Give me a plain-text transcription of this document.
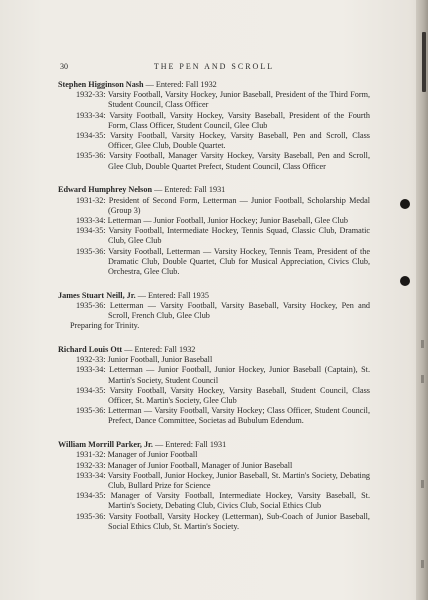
30	THE PEN AND SCROLL
Stephen Higginson Nash — Entered: Fall 1932
1932-33: Varsity Football, Varsity Hockey, Junior Baseball, President of the Third Form, Student Council, Class Officer
1933-34: Varsity Football, Varsity Hockey, Varsity Baseball, President of the Fourth Form, Class Officer, Student Council, Glee Club
1934-35: Varsity Football, Varsity Hockey, Varsity Baseball, Pen and Scroll, Class Officer, Glee Club, Double Quartet.
1935-36: Varsity Football, Manager Varsity Hockey, Varsity Baseball, Pen and Scroll, Glee Club, Double Quartet Prefect, Student Council, Class Officer
Edward Humphrey Nelson — Entered: Fall 1931
1931-32: President of Second Form, Letterman — Junior Football, Scholarship Medal (Group 3)
1933-34: Letterman — Junior Football, Junior Hockey; Junior Baseball, Glee Club
1934-35: Varsity Football, Intermediate Hockey, Tennis Squad, Classic Club, Dramatic Club, Glee Club
1935-36: Varsity Football, Letterman — Varsity Hockey, Tennis Team, President of the Dramatic Club, Double Quartet, Club for Musical Appreciation, Civics Club, Orchestra, Glee Club.
James Stuart Neill, Jr. — Entered: Fall 1935
1935-36: Letterman — Varsity Football, Varsity Baseball, Varsity Hockey, Pen and Scroll, French Club, Glee Club
Preparing for Trinity.
Richard Louis Ott — Entered: Fall 1932
1932-33: Junior Football, Junior Baseball
1933-34: Letterman — Junior Football, Junior Hockey, Junior Baseball (Captain), St. Martin's Society, Student Council
1934-35: Varsity Football, Varsity Hockey, Varsity Baseball, Student Council, Class Officer, St. Martin's Society, Glee Club
1935-36: Letterman — Varsity Football, Varsity Hockey; Class Officer, Student Council, Prefect, Dance Committee, Societas ad Bubulum Edendum.
William Morrill Parker, Jr. — Entered: Fall 1931
1931-32: Manager of Junior Football
1932-33: Manager of Junior Football, Manager of Junior Baseball
1933-34: Varsity Football, Junior Hockey, Junior Baseball, St. Martin's Society, Debating Club, Bullard Prize for Science
1934-35: Manager of Varsity Football, Intermediate Hockey, Varsity Baseball, St. Martin's Society, Debating Club, Civics Club, Social Ethics Club
1935-36: Varsity Football, Varsity Hockey (Letterman), Sub-Coach of Junior Baseball, Social Ethics Club, St. Martin's Society.
